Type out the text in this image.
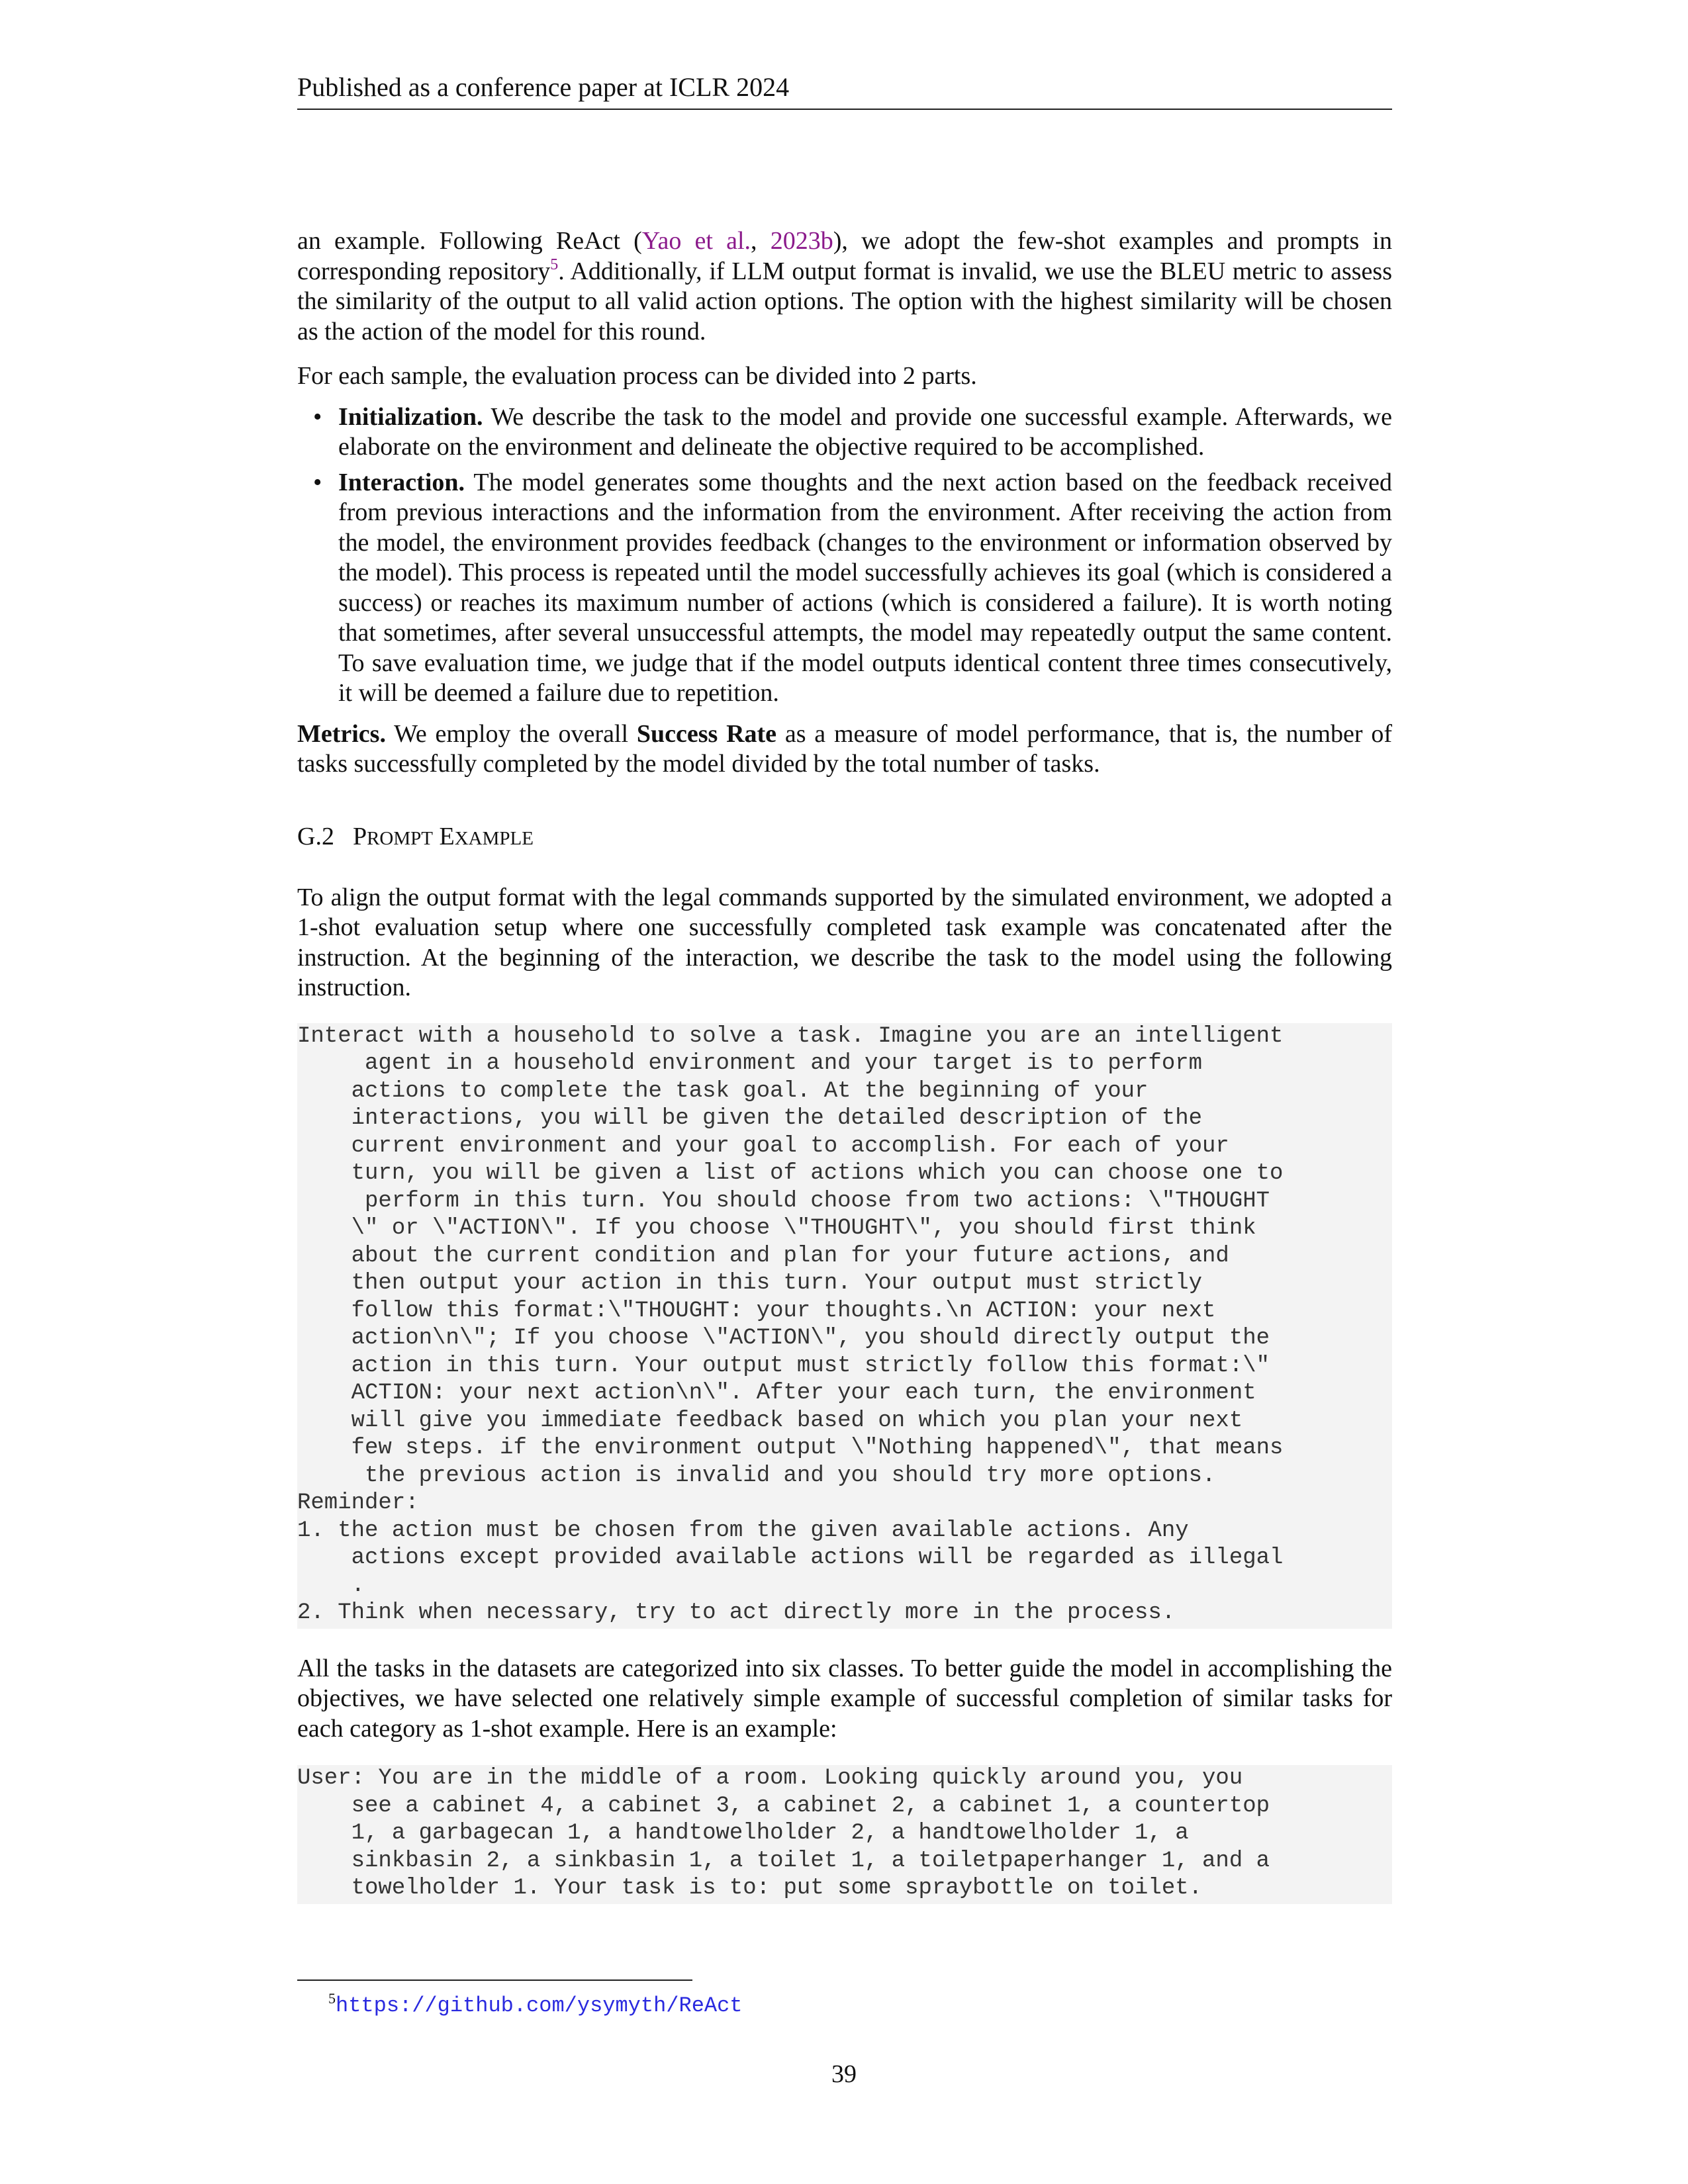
Published as a conference paper at ICLR 2024

an example. Following ReAct (Yao et al., 2023b), we adopt the few-shot examples and prompts in corresponding repository$^5$. Additionally, if LLM output format is invalid, we use the BLEU metric to assess the similarity of the output to all valid action options. The option with the highest similarity will be chosen as the action of the model for this round.

For each sample, the evaluation process can be divided into 2 parts.

• Initialization. We describe the task to the model and provide one successful example. Afterwards, we elaborate on the environment and delineate the objective required to be accomplished.
• Interaction. The model generates some thoughts and the next action based on the feedback received from previous interactions and the information from the environment. After receiving the action from the model, the environment provides feedback (changes to the environment or information observed by the model). This process is repeated until the model successfully achieves its goal (which is considered a success) or reaches its maximum number of actions (which is considered a failure). It is worth noting that sometimes, after several unsuccessful attempts, the model may repeatedly output the same content. To save evaluation time, we judge that if the model outputs identical content three times consecutively, it will be deemed a failure due to repetition.

Metrics. We employ the overall Success Rate as a measure of model performance, that is, the number of tasks successfully completed by the model divided by the total number of tasks.

G.2 PROMPT EXAMPLE

To align the output format with the legal commands supported by the simulated environment, we adopted a 1-shot evaluation setup where one successfully completed task example was concatenated after the instruction. At the beginning of the interaction, we describe the task to the model using the following instruction.

Interact with a household to solve a task. Imagine you are an intelligent
agent in a household environment and your target is to perform
actions to complete the task goal. At the beginning of your
interactions, you will be given the detailed description of the
current environment and your goal to accomplish. For each of your
turn, you will be given a list of actions which you can choose one to
perform in this turn. You should choose from two actions: \"THOUGHT
\" or \"ACTION\". If you choose \"THOUGHT\", you should first think
about the current condition and plan for your future actions, and
then output your action in this turn. Your output must strictly
follow this format:\"THOUGHT: your thoughts.\n ACTION: your next
action\n\"; If you choose \"ACTION\", you should directly output the
action in this turn. Your output must strictly follow this format:\"
ACTION: your next action\n\". After your each turn, the environment
will give you immediate feedback based on which you plan your next
few steps. if the environment output \"Nothing happened\", that means
the previous action is invalid and you should try more options.
Reminder:
1. the action must be chosen from the given available actions. Any
actions except provided available actions will be regarded as illegal
.
2. Think when necessary, try to act directly more in the process.

All the tasks in the datasets are categorized into six classes. To better guide the model in accomplishing the objectives, we have selected one relatively simple example of successful completion of similar tasks for each category as 1-shot example. Here is an example:

User: You are in the middle of a room. Looking quickly around you, you
see a cabinet 4, a cabinet 3, a cabinet 2, a cabinet 1, a countertop
1, a garbagecan 1, a handtowelholder 2, a handtowelholder 1, a
sinkbasin 2, a sinkbasin 1, a toilet 1, a toiletpaperhanger 1, and a
towelholder 1. Your task is to: put some spraybottle on toilet.
$^5$https://github.com/ysymyth/ReAct
39
